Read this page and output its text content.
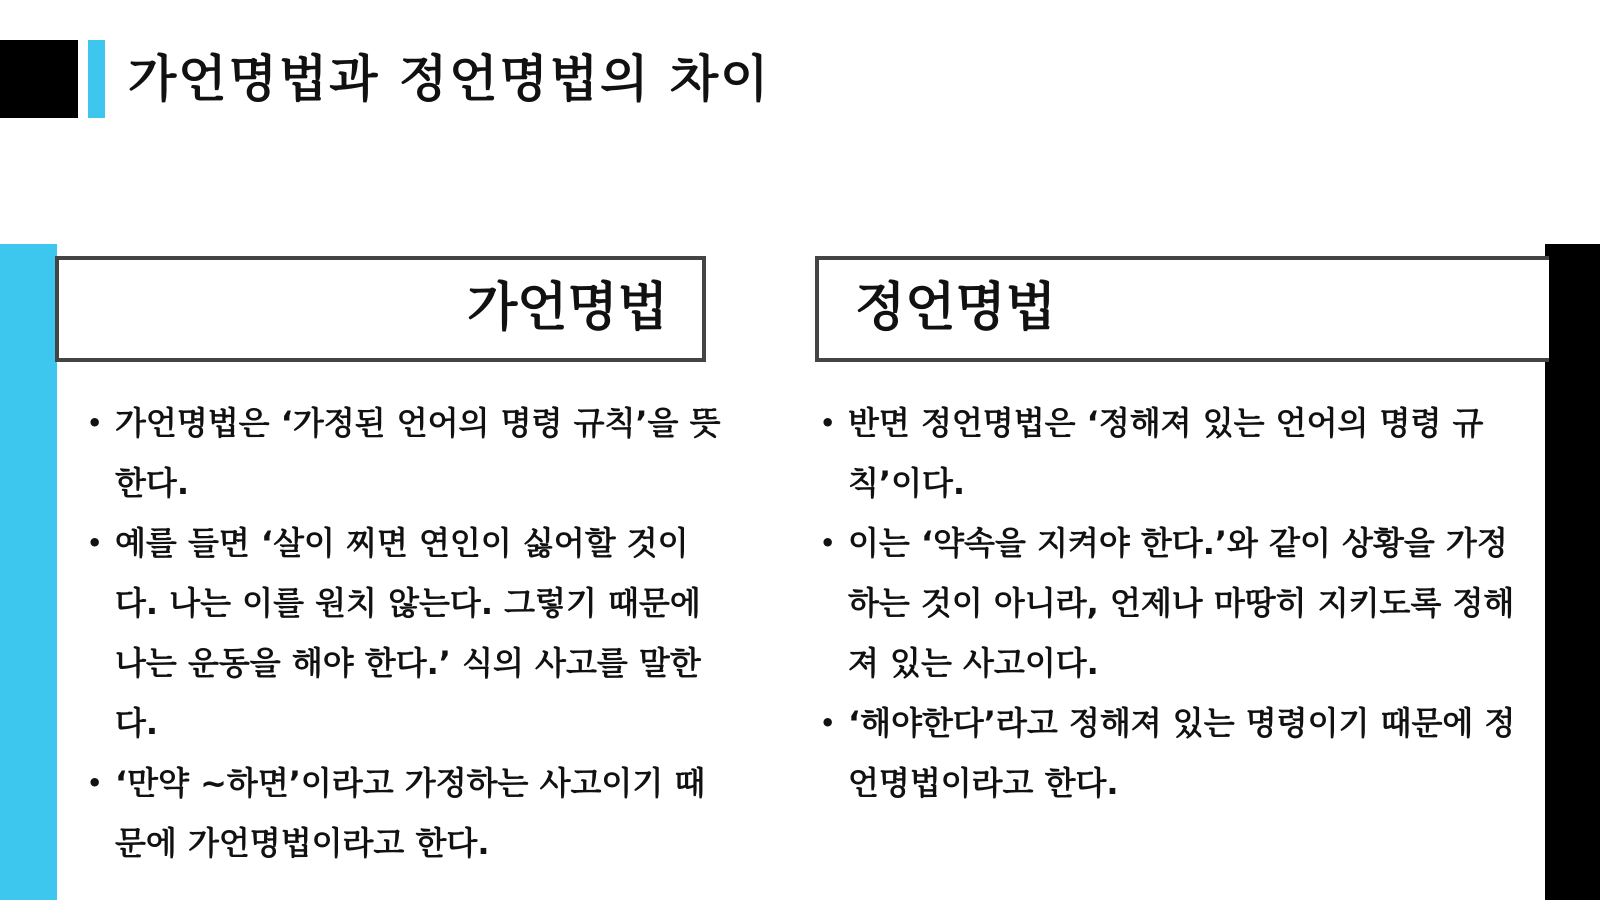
가언명법과 정언명법의 차이
가언명법	정언명법
• 가언명법은 ‘가정된 언어의 명령 규칙’을 뜻한다.
• 예를 들면 ‘살이 찌면 연인이 싫어할 것이다. 나는 이를 원치 않는다. 그렇기 때문에 나는 운동을 해야 한다.’ 식의 사고를 말한다.
• ‘만약 ~하면’이라고 가정하는 사고이기 때문에 가언명법이라고 한다.
• 반면 정언명법은 ‘정해져 있는 언어의 명령 규칙’이다.
• 이는 ‘약속을 지켜야 한다.’와 같이 상황을 가정하는 것이 아니라, 언제나 마땅히 지키도록 정해져 있는 사고이다.
• ‘해야한다’라고 정해져 있는 명령이기 때문에 정언명법이라고 한다.
